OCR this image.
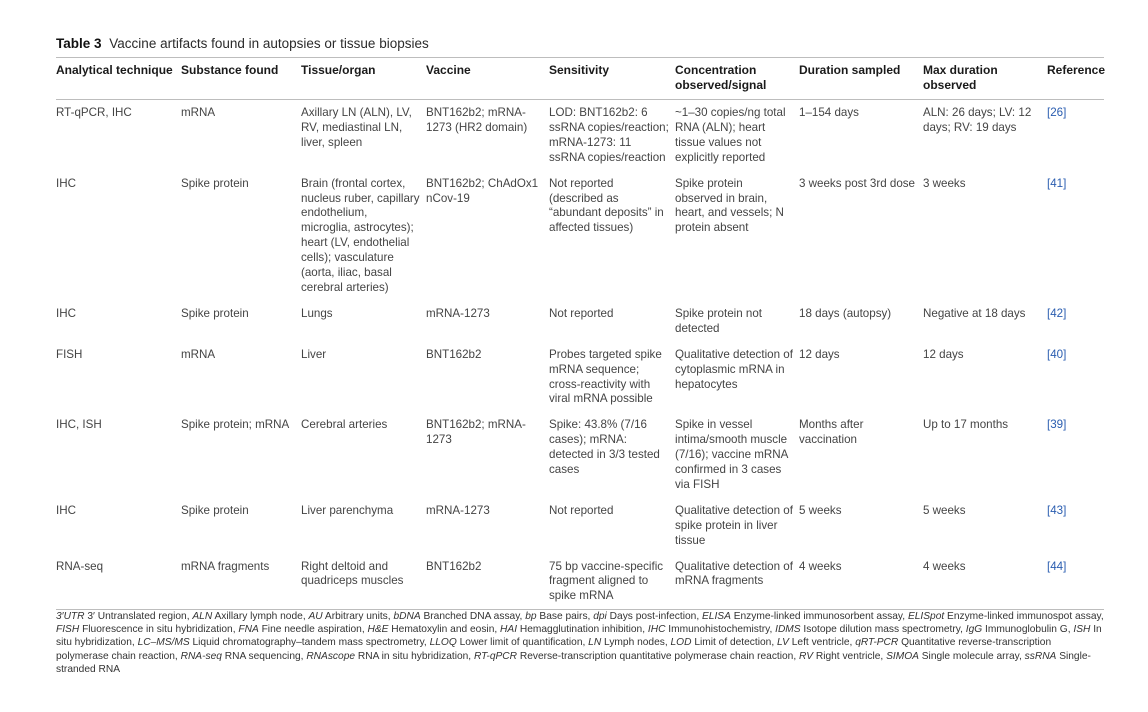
Table 3 Vaccine artifacts found in autopsies or tissue biopsies
Analytical technique	Substance found	Tissue/organ	Vaccine	Sensitivity	Concentration observed/signal	Duration sampled	Max duration observed	Reference

RT-qPCR, IHC	mRNA	Axillary LN (ALN), LV, RV, mediastinal LN, liver, spleen	BNT162b2; mRNA-1273 (HR2 domain)	LOD: BNT162b2: 6 ssRNA copies/reaction; mRNA-1273: 11 ssRNA copies/reaction	~1–30 copies/ng total RNA (ALN); heart tissue values not explicitly reported	1–154 days	ALN: 26 days; LV: 12 days; RV: 19 days	[26]
IHC	Spike protein	Brain (frontal cortex, nucleus ruber, capillary endothelium, microglia, astrocytes); heart (LV, endothelial cells); vasculature (aorta, iliac, basal cerebral arteries)	BNT162b2; ChAdOx1 nCov-19	Not reported (described as “abundant deposits” in affected tissues)	Spike protein observed in brain, heart, and vessels; N protein absent	3 weeks post 3rd dose	3 weeks	[41]
IHC	Spike protein	Lungs	mRNA-1273	Not reported	Spike protein not detected	18 days (autopsy)	Negative at 18 days	[42]
FISH	mRNA	Liver	BNT162b2	Probes targeted spike mRNA sequence; cross-reactivity with viral mRNA possible	Qualitative detection of cytoplasmic mRNA in hepatocytes	12 days	12 days	[40]
IHC, ISH	Spike protein; mRNA	Cerebral arteries	BNT162b2; mRNA-1273	Spike: 43.8% (7/16 cases); mRNA: detected in 3/3 tested cases	Spike in vessel intima/smooth muscle (7/16); vaccine mRNA confirmed in 3 cases via FISH	Months after vaccination	Up to 17 months	[39]
IHC	Spike protein	Liver parenchyma	mRNA-1273	Not reported	Qualitative detection of spike protein in liver tissue	5 weeks	5 weeks	[43]
RNA-seq	mRNA fragments	Right deltoid and quadriceps muscles	BNT162b2	75 bp vaccine-specific fragment aligned to spike mRNA	Qualitative detection of mRNA fragments	4 weeks	4 weeks	[44]
3′UTR 3′ Untranslated region, ALN Axillary lymph node, AU Arbitrary units, bDNA Branched DNA assay, bp Base pairs, dpi Days post-infection, ELISA Enzyme-linked immunosorbent assay, ELISpot Enzyme-linked immunospot assay, FISH Fluorescence in situ hybridization, FNA Fine needle aspiration, H&E Hematoxylin and eosin, HAI Hemagglutination inhibition, IHC Immunohistochemistry, IDMS Isotope dilution mass spectrometry, IgG Immunoglobulin G, ISH In situ hybridization, LC–MS/MS Liquid chromatography–tandem mass spectrometry, LLOQ Lower limit of quantification, LN Lymph nodes, LOD Limit of detection, LV Left ventricle, qRT-PCR Quantitative reverse-transcription polymerase chain reaction, RNA-seq RNA sequencing, RNAscope RNA in situ hybridization, RT-qPCR Reverse-transcription quantitative polymerase chain reaction, RV Right ventricle, SIMOA Single molecule array, ssRNA Single-stranded RNA
